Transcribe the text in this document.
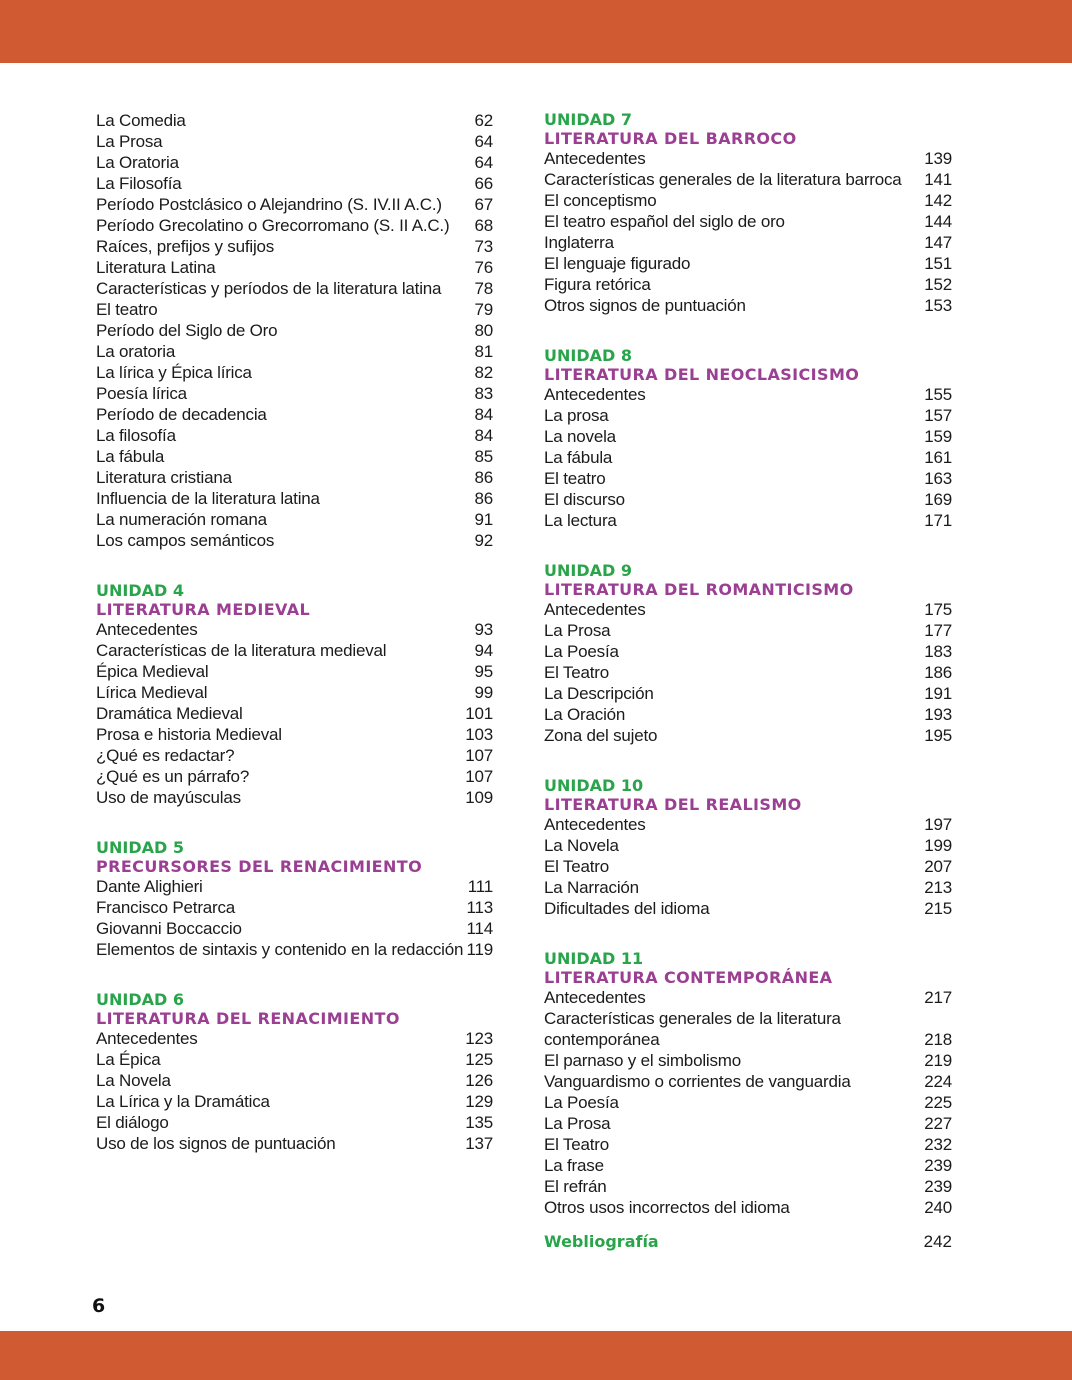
La Comedia	62
La Prosa	64
La Oratoria	64
La Filosofía	66
Período Postclásico o Alejandrino (S. IV.II A.C.) 67
Período Grecolatino o Grecorromano (S. II A.C.) 68
Raíces, prefijos y sufijos	73
Literatura Latina	76
Características y períodos de la literatura latina 78
El teatro	79
Período del Siglo de Oro	80
La oratoria	81
La lírica y Épica lírica	82
Poesía lírica	83
Período de decadencia	84
La filosofía	84
La fábula	85
Literatura cristiana	86
Influencia de la literatura latina	86
La numeración romana	91
Los campos semánticos	92
UNIDAD 4
LITERATURA MEDIEVAL
Antecedentes	93
Características de la literatura medieval	94
Épica Medieval	95
Lírica Medieval	99
Dramática Medieval	101
Prosa e historia Medieval	103
¿Qué es redactar?	107
¿Qué es un párrafo?	107
Uso de mayúsculas	109
UNIDAD 5
PRECURSORES DEL RENACIMIENTO
Dante Alighieri	111
Francisco Petrarca	113
Giovanni Boccaccio	114
Elementos de sintaxis y contenido en la redacción 119
UNIDAD 6
LITERATURA DEL RENACIMIENTO
Antecedentes	123
La Épica	125
La Novela	126
La Lírica y la Dramática	129
El diálogo	135
Uso de los signos de puntuación	137
UNIDAD 7
LITERATURA DEL BARROCO
Antecedentes	139
Características generales de la literatura barroca 141
El conceptismo	142
El teatro español del siglo de oro	144
Inglaterra	147
El lenguaje figurado	151
Figura retórica	152
Otros signos de puntuación	153
UNIDAD 8
LITERATURA DEL NEOCLASICISMO
Antecedentes	155
La prosa	157
La novela	159
La fábula	161
El teatro	163
El discurso	169
La lectura	171
UNIDAD 9
LITERATURA DEL ROMANTICISMO
Antecedentes	175
La Prosa	177
La Poesía	183
El Teatro	186
La Descripción	191
La Oración	193
Zona del sujeto	195
UNIDAD 10
LITERATURA DEL REALISMO
Antecedentes	197
La Novela	199
El Teatro	207
La Narración	213
Dificultades del idioma	215
UNIDAD 11
LITERATURA CONTEMPORÁNEA
Antecedentes	217
Características generales de la literatura contemporánea	218
El parnaso y el simbolismo	219
Vanguardismo o corrientes de vanguardia	224
La Poesía	225
La Prosa	227
El Teatro	232
La frase	239
El refrán	239
Otros usos incorrectos del idioma	240
Webliografía	242
6
